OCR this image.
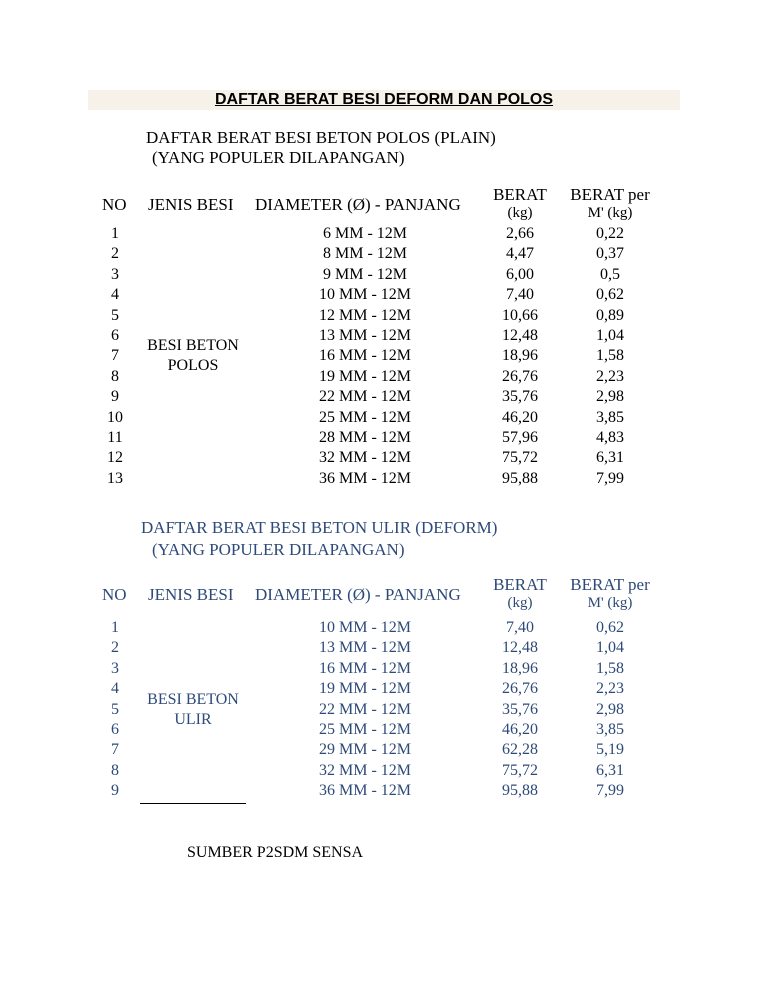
DAFTAR BERAT BESI DEFORM DAN POLOS
DAFTAR BERAT BESI BETON POLOS (PLAIN)
(YANG POPULER DILAPANGAN)
NO JENIS BESI DIAMETER (Ø) - PANJANG
BERAT
(kg)
BERAT per
M' (kg)
BESI BETON
POLOS
1
2
3
4
5
6
7
8
9
10
11
12
13
6 MM - 12M
8 MM - 12M
9 MM - 12M
10 MM - 12M
12 MM - 12M
13 MM - 12M
16 MM - 12M
19 MM - 12M
22 MM - 12M
25 MM - 12M
28 MM - 12M
32 MM - 12M
36 MM - 12M
2,66
4,47
6,00
7,40
10,66
12,48
18,96
26,76
35,76
46,20
57,96
75,72
95,88
0,22
0,37
0,5
0,62
0,89
1,04
1,58
2,23
2,98
3,85
4,83
6,31
7,99
DAFTAR BERAT BESI BETON ULIR (DEFORM)
(YANG POPULER DILAPANGAN)
NO JENIS BESI DIAMETER (Ø) - PANJANG
BERAT
(kg)
BERAT per
M' (kg)
BESI BETON
ULIR
1
2
3
4
5
6
7
8
9
10 MM - 12M
13 MM - 12M
16 MM - 12M
19 MM - 12M
22 MM - 12M
25 MM - 12M
29 MM - 12M
32 MM - 12M
36 MM - 12M
7,40
12,48
18,96
26,76
35,76
46,20
62,28
75,72
95,88
0,62
1,04
1,58
2,23
2,98
3,85
5,19
6,31
7,99
SUMBER P2SDM SENSA
